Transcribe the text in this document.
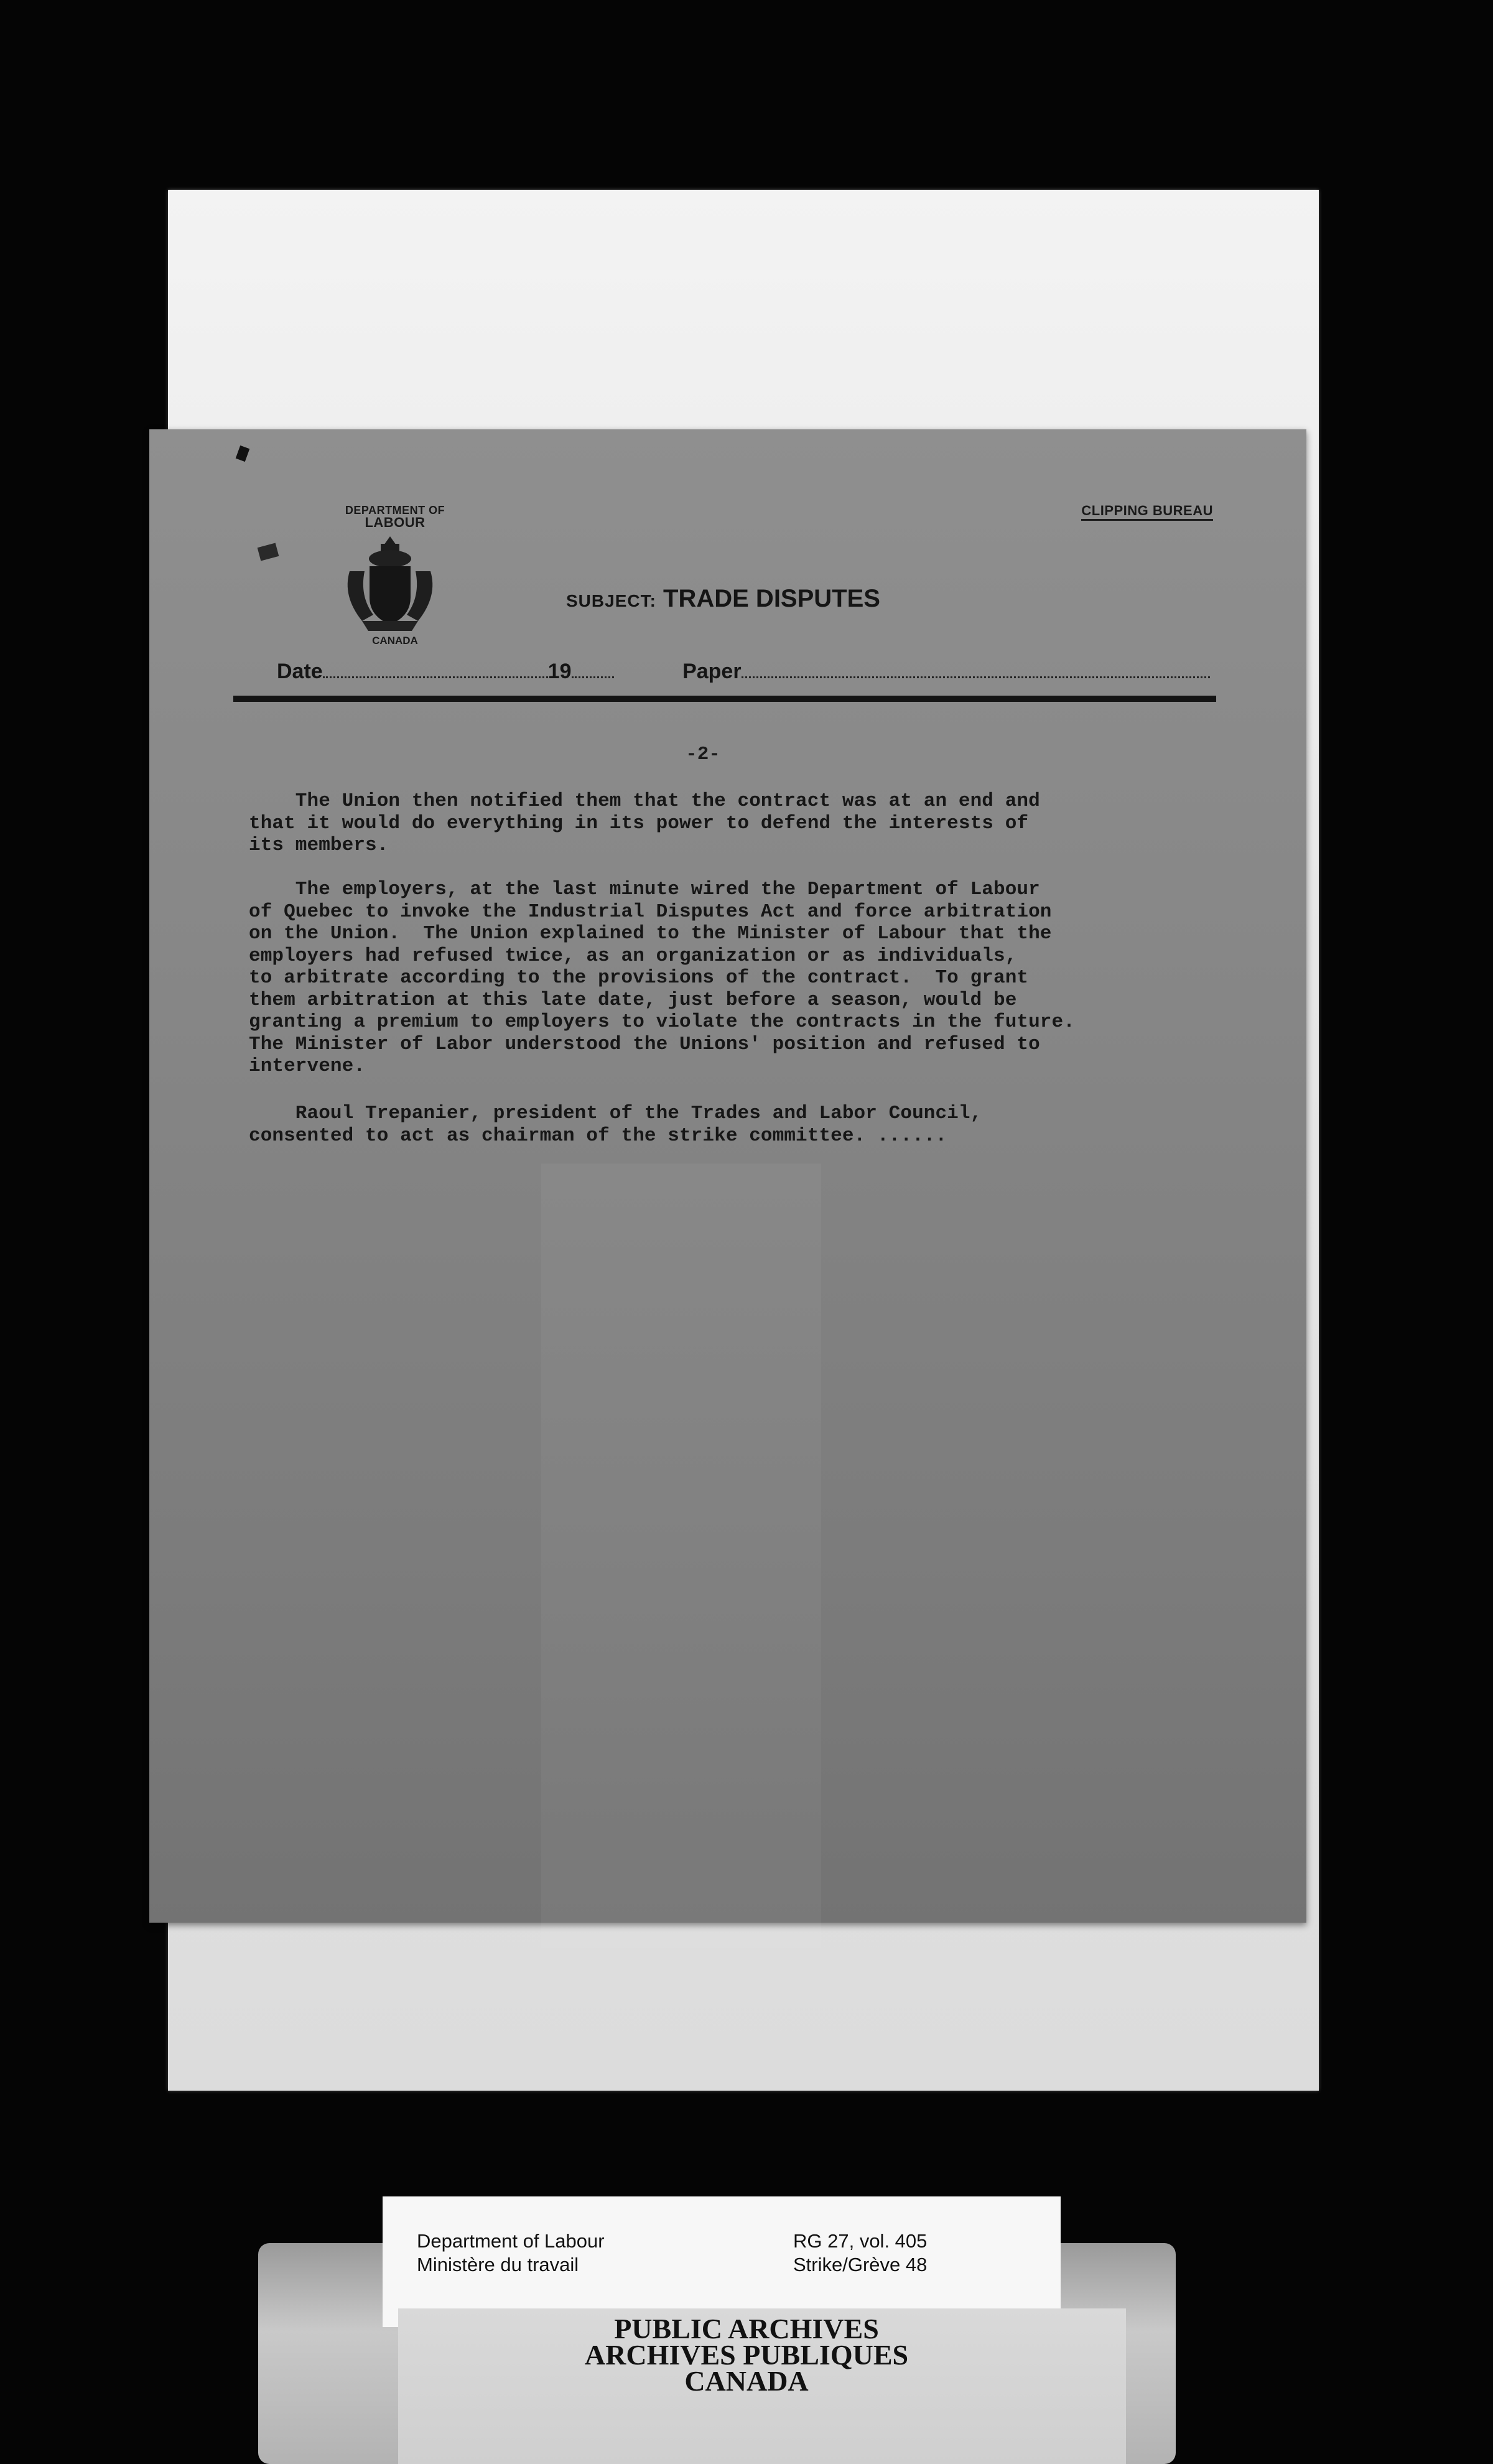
DEPARTMENT OF
LABOUR
CANADA
CLIPPING BUREAU
SUBJECT: TRADE DISPUTES
Date	19	Paper
-2-
The Union then notified them that the contract was at an end and
that it would do everything in its power to defend the interests of
its members.
The employers, at the last minute wired the Department of Labour
of Quebec to invoke the Industrial Disputes Act and force arbitration
on the Union.  The Union explained to the Minister of Labour that the
employers had refused twice, as an organization or as individuals,
to arbitrate according to the provisions of the contract.  To grant
them arbitration at this late date, just before a season, would be
granting a premium to employers to violate the contracts in the future.
The Minister of Labor understood the Unions' position and refused to
intervene.
Raoul Trepanier, president of the Trades and Labor Council,
consented to act as chairman of the strike committee. ......
Department of Labour
Ministère du travail
RG 27, vol. 405
Strike/Grève 48
PUBLIC ARCHIVES
ARCHIVES PUBLIQUES
CANADA
